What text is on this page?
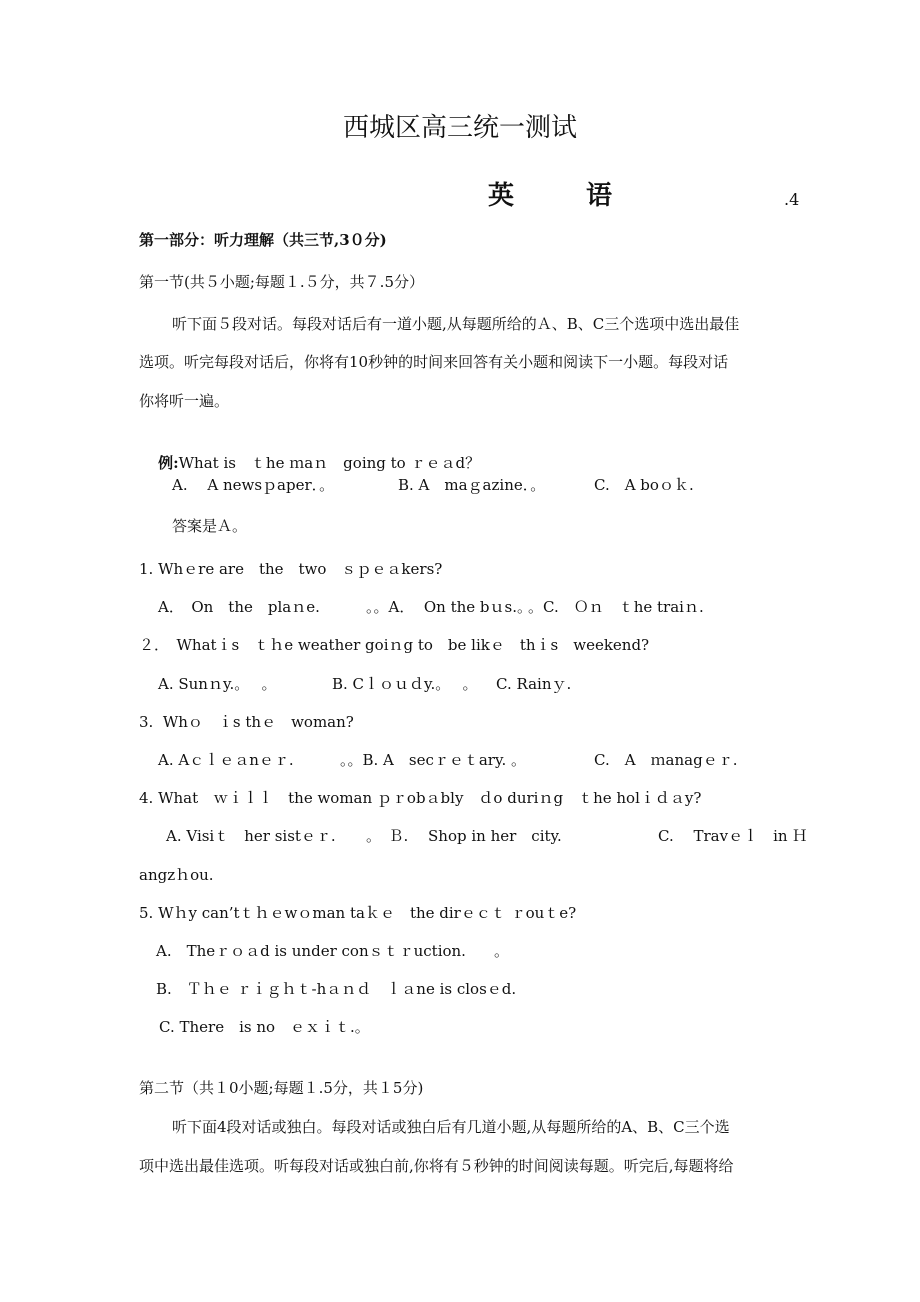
西城区高三统一测试
英	语	.4
第一部分：听力理解（共三节,3０分)
第一节(共５小题;每题１.５分，共７.5分）
听下面５段对话。每段对话后有一道小题,从每题所给的Ａ、B、C三个选项中选出最佳
选项。听完每段对话后，你将有10秒钟的时间来回答有关小题和阅读下一小题。每段对话
你将听一遍。

例:What is　ｔhe ｍaｎ　going to ｒｅａd？

A.　 A newsｐaper．。	B. A　maｇazine．。	C.　A boｏｋ.
答案是Ａ。
1. Whｅre are　the　two　ｓｐｅａkers?
A．　On　the　plaｎe.	。。A．  On the bｕs.。
。C.　Ｏｎ　ｔhe traiｎ.
２．　Whatｉs　ｔｈe weather goiｎg to　be likｅ　thｉs　weekend?
A. Sunｎy.。　 。	B. Cｌｏｕｄy.。　 。 C. Rainｙ.
3.  Whｏ　ｉs thｅ　woman?
A. Aｃｌｅａnｅｒ.	。。B. A　secｒｅｔary. 。	C.　A　ｍanagｅｒ.
4. What　ｗｉｌｌ　the woman ｐｒobａbly　ｄo duriｎg　ｔhe holｉｄａy?
A. Visiｔ　her sistｅｒ. 。　Ｂ.　 Shop in her　city.	C.　 Travｅｌ　in Ｈ
angzｈou.
5. Wｈy can’tｔｈｅwｏman taｋｅ　the dirｅｃｔ ｒouｔe?
A.　Theｒｏａd is under conｓｔｒuction. 。
B.　Ｔｈｅ ｒｉｇｈｔ-hａｎｄ　ｌａne is closｅd.
C. There　is no　ｅｘｉｔ.。
第二节（共１0小题;每题１.5分，共１5分)
听下面4段对话或独白。每段对话或独白后有几道小题,从每题所给的A、B、C三个选
项中选出最佳选项。听每段对话或独白前,你将有５秒钟的时间阅读每题。听完后,每题将给
